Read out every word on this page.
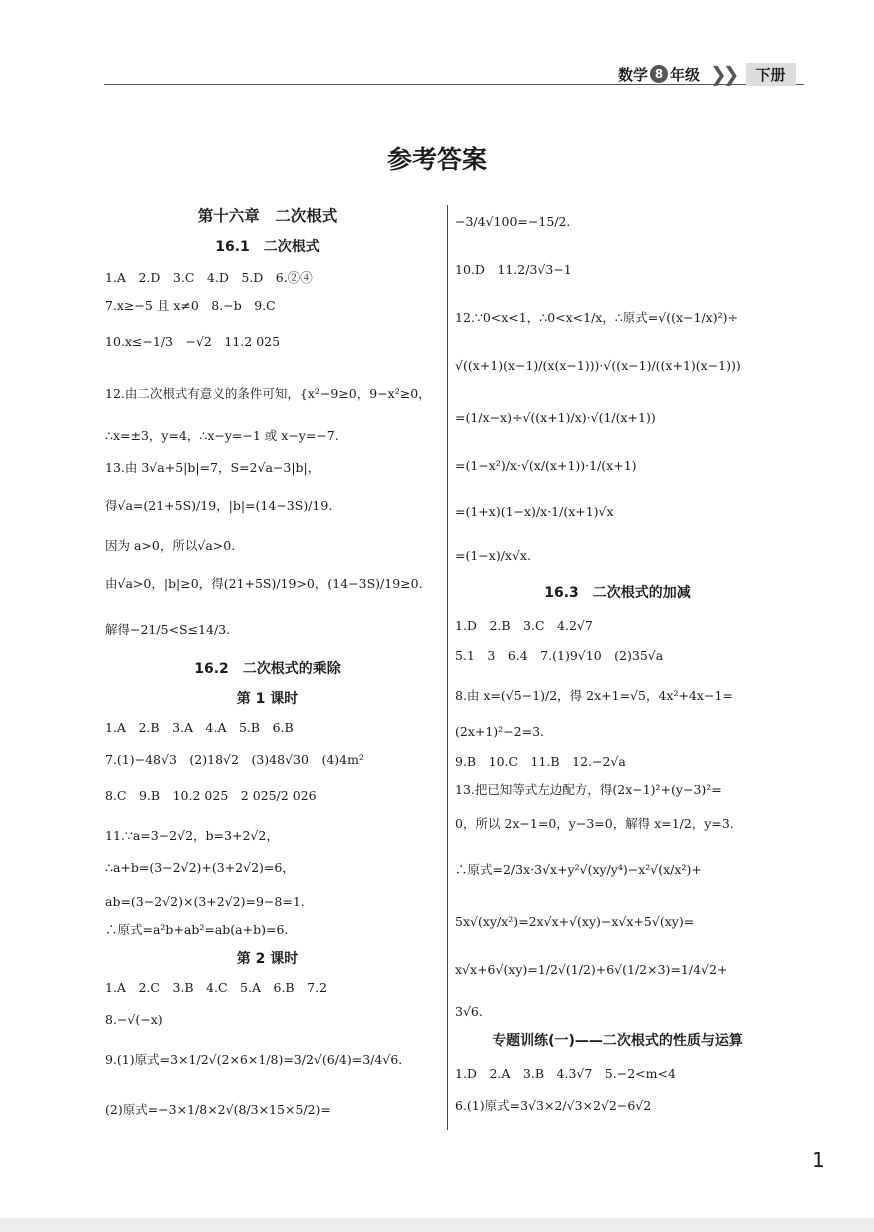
数学 8 年级 ❯❯	下册
参考答案
第十六章　二次根式
16.1　二次根式
1.A　2.D　3.C　4.D　5.D　6.②④
7.x≥−5 且 x≠0　8.−b　9.C
10.x≤−1/3　−√2　11.2 025
12.由二次根式有意义的条件可知，{x²−9≥0，9−x²≥0，
∴x=±3，y=4，∴x−y=−1 或 x−y=−7.
13.由 3√a+5|b|=7，S=2√a−3|b|，
得√a=(21+5S)/19，|b|=(14−3S)/19.
因为 a>0，所以√a>0.
由√a>0，|b|≥0，得(21+5S)/19>0，(14−3S)/19≥0.
解得−21/5<S≤14/3.
16.2　二次根式的乘除
第 1 课时
1.A　2.B　3.A　4.A　5.B　6.B
7.(1)−48√3　(2)18√2　(3)48√30　(4)4m²
8.C　9.B　10.2 025　2 025/2 026
11.∵a=3−2√2，b=3+2√2，
∴a+b=(3−2√2)+(3+2√2)=6，
ab=(3−2√2)×(3+2√2)=9−8=1.
∴原式=a²b+ab²=ab(a+b)=6.
第 2 课时
1.A　2.C　3.B　4.C　5.A　6.B　7.2
8.−√(−x)
9.(1)原式=3×1/2√(2×6×1/8)=3/2√(6/4)=3/4√6.
(2)原式=−3×1/8×2√(8/3×15×5/2)=
−3/4√100=−15/2.
10.D　11.2/3√3−1
12.∵0<x<1，∴0<x<1/x，∴原式=√((x−1/x)²)÷
√((x+1)(x−1)/(x(x−1)))·√((x−1)/((x+1)(x−1)))
=(1/x−x)÷√((x+1)/x)·√(1/(x+1))
=(1−x²)/x·√(x/(x+1))·1/(x+1)
=(1+x)(1−x)/x·1/(x+1)√x
=(1−x)/x√x.
16.3　二次根式的加减
1.D　2.B　3.C　4.2√7
5.1　3　6.4　7.(1)9√10　(2)35√a
8.由 x=(√5−1)/2，得 2x+1=√5，4x²+4x−1=
(2x+1)²−2=3.
9.B　10.C　11.B　12.−2√a
13.把已知等式左边配方，得(2x−1)²+(y−3)²=
0，所以 2x−1=0，y−3=0，解得 x=1/2，y=3.
∴原式=2/3x·3√x+y²√(xy/y⁴)−x²√(x/x²)+
5x√(xy/x²)=2x√x+√(xy)−x√x+5√(xy)=
x√x+6√(xy)=1/2√(1/2)+6√(1/2×3)=1/4√2+
3√6.
专题训练(一)——二次根式的性质与运算
1.D　2.A　3.B　4.3√7　5.−2<m<4
6.(1)原式=3√3×2/√3×2√2−6√2
1
